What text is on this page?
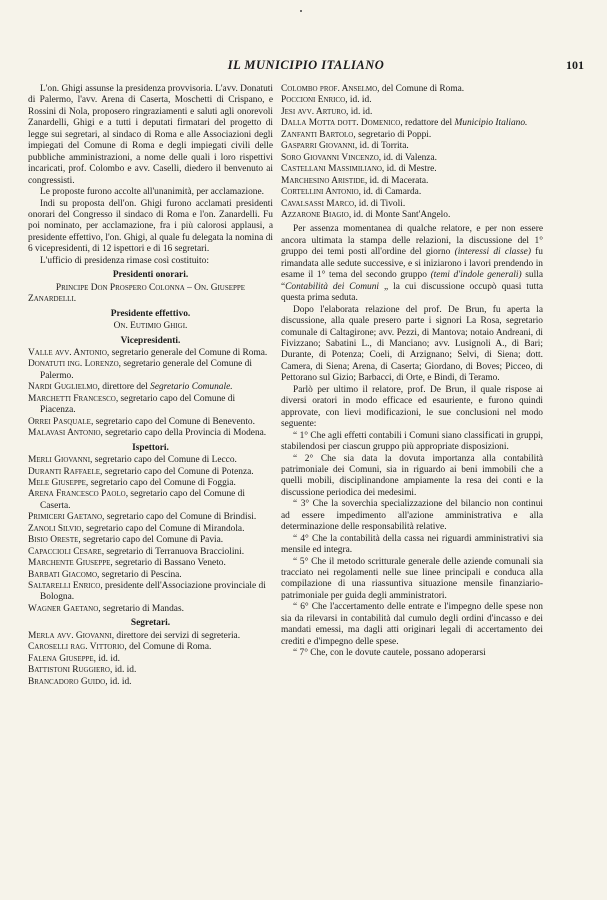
IL MUNICIPIO ITALIANO	101

L'on. Ghigi assunse la presidenza provvisoria. L'avv. Donatuti di Palermo, l'avv. Arena di Caserta, Moschetti di Crispano, e Rossini di Nola, proposero ringraziamenti e saluti agli onorevoli Zanardelli, Ghigi e a tutti i deputati firmatari del progetto di legge sui segretari, al sindaco di Roma e alle Associazioni degli impiegati del Comune di Roma e degli impiegati civili delle pubbliche amministrazioni, a nome delle quali i loro rispettivi incaricati, prof. Colombo e avv. Caselli, diedero il benvenuto ai congressisti.

Le proposte furono accolte all'unanimità, per acclamazione.

Indi su proposta dell'on. Ghigi furono acclamati presidenti onorari del Congresso il sindaco di Roma e l'on. Zanardelli. Fu poi nominato, per acclamazione, fra i più calorosi applausi, a presidente effettivo, l'on. Ghigi, al quale fu delegata la nomina di 6 vicepresidenti, di 12 ispettori e di 16 segretari.

L'ufficio di presidenza rimase così costituito:

Presidenti onorari.

Principe Don Prospero Colonna – On. Giuseppe

Zanardelli.

Presidente effettivo.

On. Eutimio Ghigi.

Vicepresidenti.

Valle avv. Antonio, segretario generale del Comune di Roma.

Donatuti ing. Lorenzo, segretario generale del Comune di Palermo.

Nardi Guglielmo, direttore del Segretario Comunale.

Marchetti Francesco, segretario capo del Comune di Piacenza.

Orrei Pasquale, segretario capo del Comune di Benevento.

Malavasi Antonio, segretario capo della Provincia di Modena.

Ispettori.

Merli Giovanni, segretario capo del Comune di Lecco.

Duranti Raffaele, segretario capo del Comune di Potenza.

Mele Giuseppe, segretario capo del Comune di Foggia.

Arena Francesco Paolo, segretario capo del Comune di Caserta.

Primiceri Gaetano, segretario capo del Comune di Brindisi.

Zanoli Silvio, segretario capo del Comune di Mirandola.

Bisio Oreste, segretario capo del Comune di Pavia.

Capaccioli Cesare, segretario di Terranuova Bracciolini.

Marchente Giuseppe, segretario di Bassano Veneto.

Barbati Giacomo, segretario di Pescina.

Saltarelli Enrico, presidente dell'Associazione provinciale di Bologna.

Wagner Gaetano, segretario di Mandas.

Segretari.

Merla avv. Giovanni, direttore dei servizi di segreteria.

Caroselli rag. Vittorio, del Comune di Roma.

Falena Giuseppe, id. id.

Battistoni Ruggiero, id. id.

Brancadoro Guido, id. id.

Colombo prof. Anselmo, del Comune di Roma.

Poccioni Enrico, id. id.

Jesi avv. Arturo, id. id.

Dalla Motta dott. Domenico, redattore del Municipio Italiano.

Zanfanti Bartolo, segretario di Poppi.

Gasparri Giovanni, id. di Torrita.

Soro Giovanni Vincenzo, id. di Valenza.

Castellani Massimiliano, id. di Mestre.

Marchesino Aristide, id. di Macerata.

Cortellini Antonio, id. di Camarda.

Cavalsassi Marco, id. di Tivoli.

Azzarone Biagio, id. di Monte Sant'Angelo.

Per assenza momentanea di qualche relatore, e per non essere ancora ultimata la stampa delle relazioni, la discussione del 1° gruppo dei temi posti all'ordine del giorno (interessi di classe) fu rimandata alle sedute successive, e si iniziarono i lavori prendendo in esame il 1° tema del secondo gruppo (temi d'indole generali) sulla “Contabilità dei Comuni „ la cui discussione occupò quasi tutta questa prima seduta.

Dopo l'elaborata relazione del prof. De Brun, fu aperta la discussione, alla quale presero parte i signori La Rosa, segretario comunale di Caltagirone; avv. Pezzi, di Mantova; notaio Andreani, di Fivizzano; Sabatini L., di Manciano; avv. Lusignoli A., di Bari; Durante, di Potenza; Coeli, di Arzignano; Selvi, di Siena; dott. Camera, di Siena; Arena, di Caserta; Giordano, di Boves; Picceo, di Pettorano sul Gizio; Barbacci, di Orte, e Bindi, di Teramo.

Parlò per ultimo il relatore, prof. De Brun, il quale rispose ai diversi oratori in modo efficace ed esauriente, e furono quindi approvate, con lievi modificazioni, le sue conclusioni nel modo seguente:

“ 1° Che agli effetti contabili i Comuni siano classificati in gruppi, stabilendosi per ciascun gruppo più appropriate disposizioni.

“ 2° Che sia data la dovuta importanza alla contabilità patrimoniale dei Comuni, sia in riguardo ai beni immobili che a quelli mobili, disciplinandone ampiamente la resa dei conti e la discussione periodica dei medesimi.

“ 3° Che la soverchia specializzazione del bilancio non continui ad essere impedimento all'azione amministrativa e alla determinazione delle responsabilità relative.

“ 4° Che la contabilità della cassa nei riguardi amministrativi sia mensile ed integra.

“ 5° Che il metodo scritturale generale delle aziende comunali sia tracciato nei regolamenti nelle sue linee principali e conduca alla compilazione di una riassuntiva situazione mensile finanziario-patrimoniale per guida degli amministratori.

“ 6° Che l'accertamento delle entrate e l'impegno delle spese non sia da rilevarsi in contabilità dal cumulo degli ordini d'incasso e dei mandati emessi, ma dagli atti originari legali di accertamento dei crediti e d'impegno delle spese.

“ 7° Che, con le dovute cautele, possano adoperarsi
